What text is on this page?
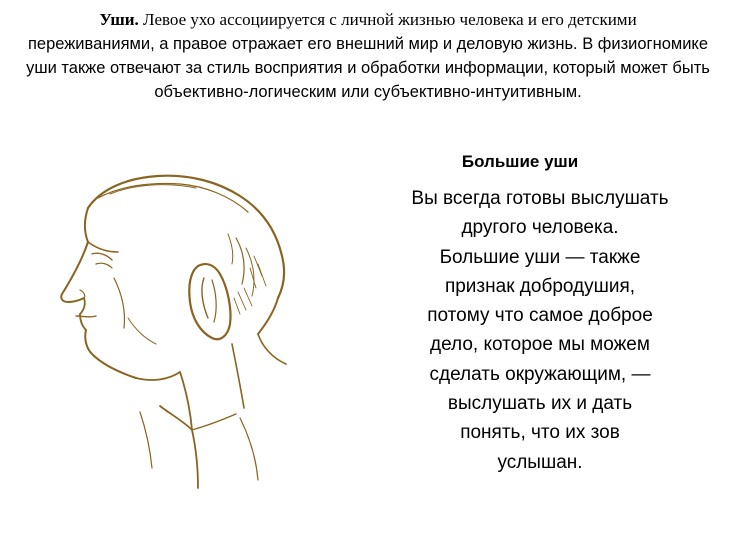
Уши. Левое ухо ассоциируется с личной жизнью человека и его детскими
переживаниями, а правое отражает его внешний мир и деловую жизнь. В физиогномике уши также отвечают за стиль восприятия и обработки информации, который может быть объективно-логическим или субъективно-интуитивным.
Большие уши
Вы всегда готовы выслушать
другого человека.
Большие уши — также
признак добродушия,
потому что самое доброе
дело, которое мы можем
сделать окружающим, —
выслушать их и дать
понять, что их зов
услышан.
